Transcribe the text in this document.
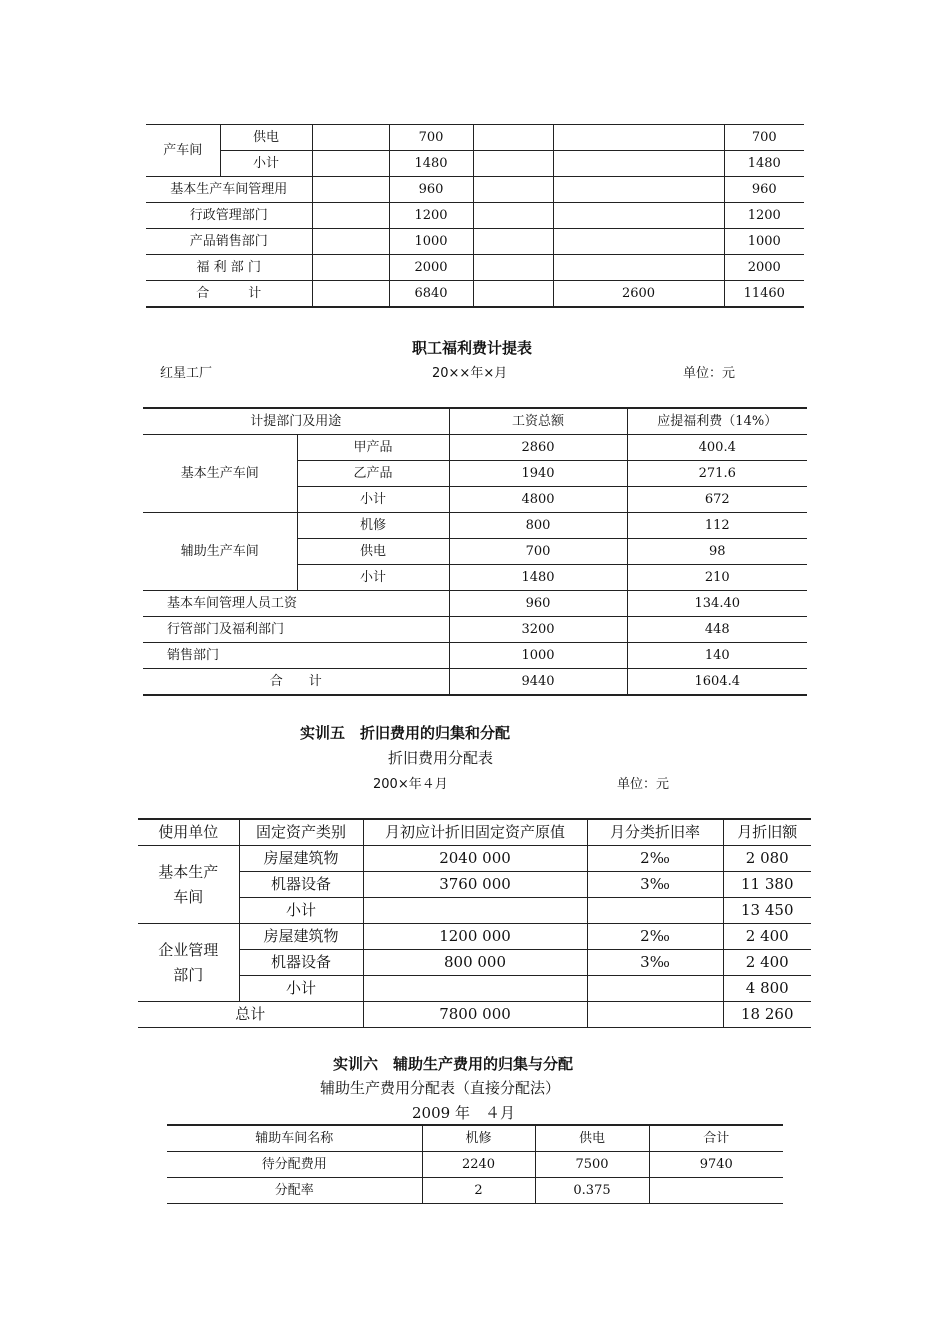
产车间	供电		700			700
	小计		1480			1480
基本生产车间管理用			960			960
行政管理部门			1200			1200
产品销售部门			1000			1000
福 利 部 门			2000			2000
合　　　计			6840		2600	11460
职工福利费计提表
红星工厂	20××年×月	单位：元
计提部门及用途		工资总额	应提福利费（14%）
基本生产车间	甲产品	2860	400.4
	乙产品	1940	271.6
	小计	4800	672
辅助生产车间	机修	800	112
	供电	700	98
	小计	1480	210
基本车间管理人员工资		960	134.40
行管部门及福利部门		3200	448
销售部门		1000	140
合　　计		9440	1604.4
实训五　折旧费用的归集和分配
折旧费用分配表
200×年４月	单位：元
使用单位	固定资产类别	月初应计折旧固定资产原值	月分类折旧率	月折旧额
基本生产
车间	房屋建筑物	2040 000	2‰	2 080
	机器设备	3760 000	3‰	11 380
	小计			13 450
企业管理
部门	房屋建筑物	1200 000	2‰	2 400
	机器设备	800 000	3‰	2 400
	小计			4 800
总计		7800 000		18 260
实训六　辅助生产费用的归集与分配
辅助生产费用分配表（直接分配法）
2009 年　４月
辅助车间名称	机修	供电	合计
待分配费用	2240	7500	9740
分配率	2	0.375	
